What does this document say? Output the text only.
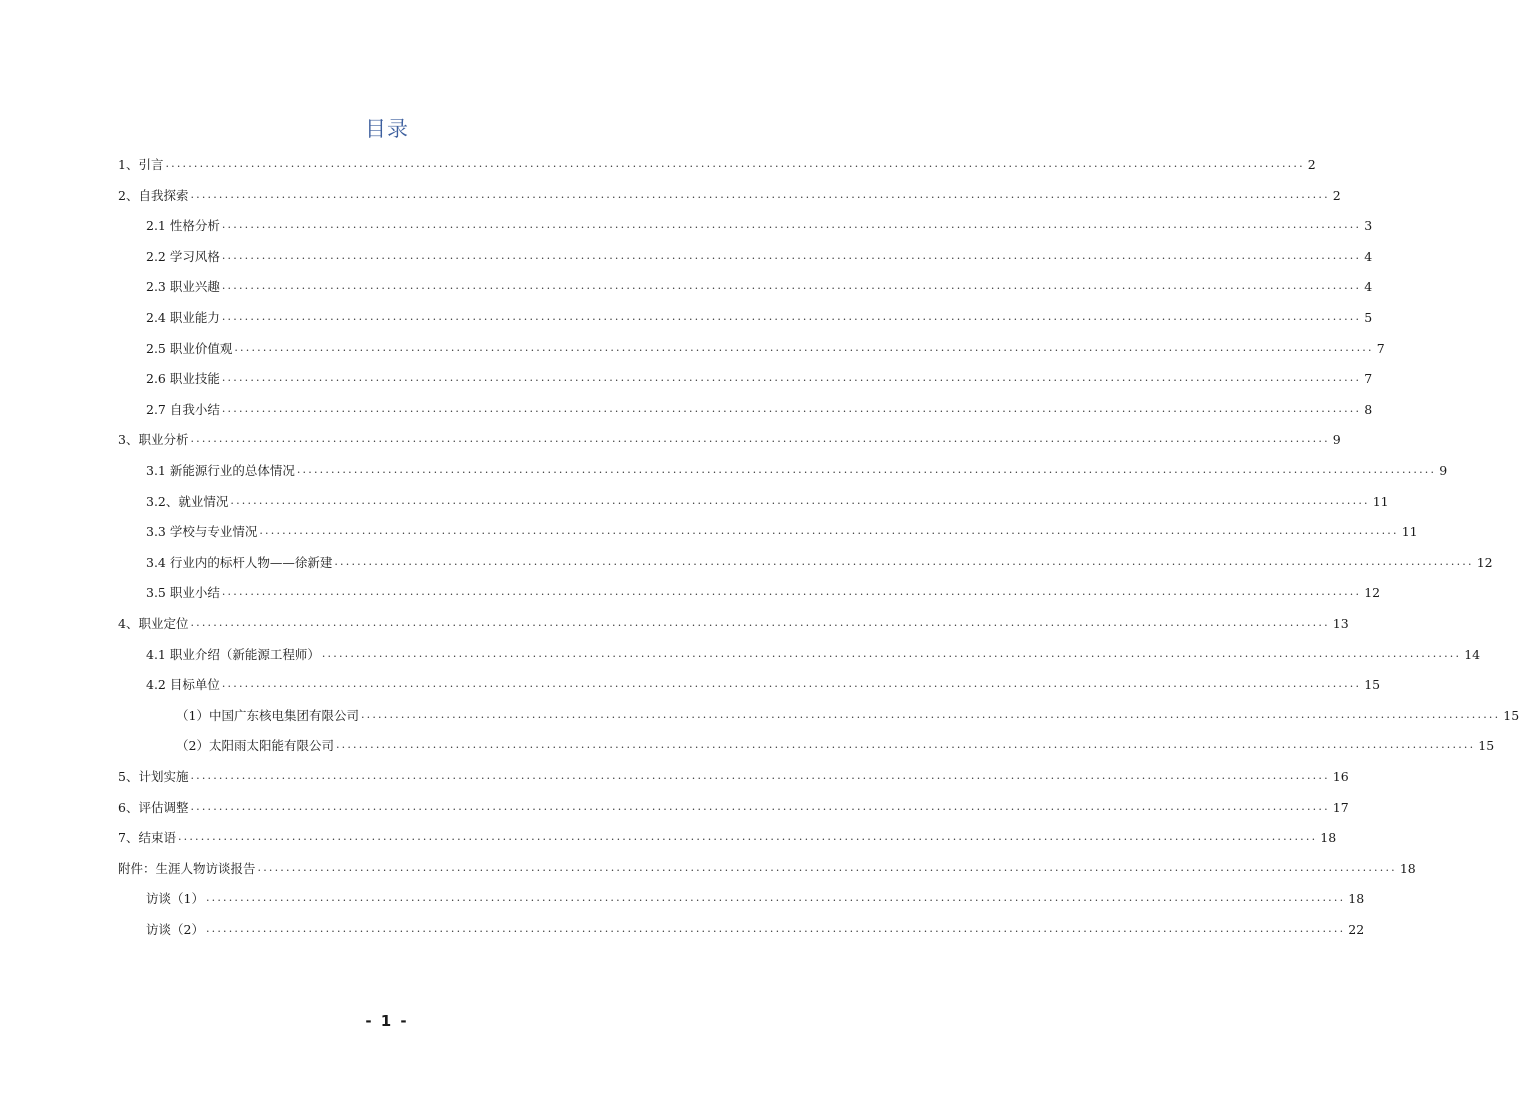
目录
1、引言 ........................................................................................................................................................................................................ 2
2、自我探索 ........................................................................................................................................................................................................ 2
2.1 性格分析 ........................................................................................................................................................................................................ 3
2.2 学习风格 ........................................................................................................................................................................................................ 4
2.3 职业兴趣 ........................................................................................................................................................................................................ 4
2.4 职业能力 ........................................................................................................................................................................................................ 5
2.5 职业价值观 ........................................................................................................................................................................................................ 7
2.6 职业技能 ........................................................................................................................................................................................................ 7
2.7 自我小结 ........................................................................................................................................................................................................ 8
3、职业分析 ........................................................................................................................................................................................................ 9
3.1 新能源行业的总体情况 ........................................................................................................................................................................................................ 9
3.2、就业情况 ........................................................................................................................................................................................................ 11
3.3 学校与专业情况 ........................................................................................................................................................................................................ 11
3.4 行业内的标杆人物——徐新建 ........................................................................................................................................................................................................ 12
3.5 职业小结 ........................................................................................................................................................................................................ 12
4、职业定位 ........................................................................................................................................................................................................ 13
4.1 职业介绍（新能源工程师） ........................................................................................................................................................................................................ 14
4.2 目标单位 ........................................................................................................................................................................................................ 15
（1）中国广东核电集团有限公司 ........................................................................................................................................................................................................ 15
（2）太阳雨太阳能有限公司 ........................................................................................................................................................................................................ 15
5、计划实施 ........................................................................................................................................................................................................ 16
6、评估调整 ........................................................................................................................................................................................................ 17
7、结束语 ........................................................................................................................................................................................................ 18
附件：生涯人物访谈报告 ........................................................................................................................................................................................................ 18
访谈（1） ........................................................................................................................................................................................................ 18
访谈（2） ........................................................................................................................................................................................................ 22
- 1 -
